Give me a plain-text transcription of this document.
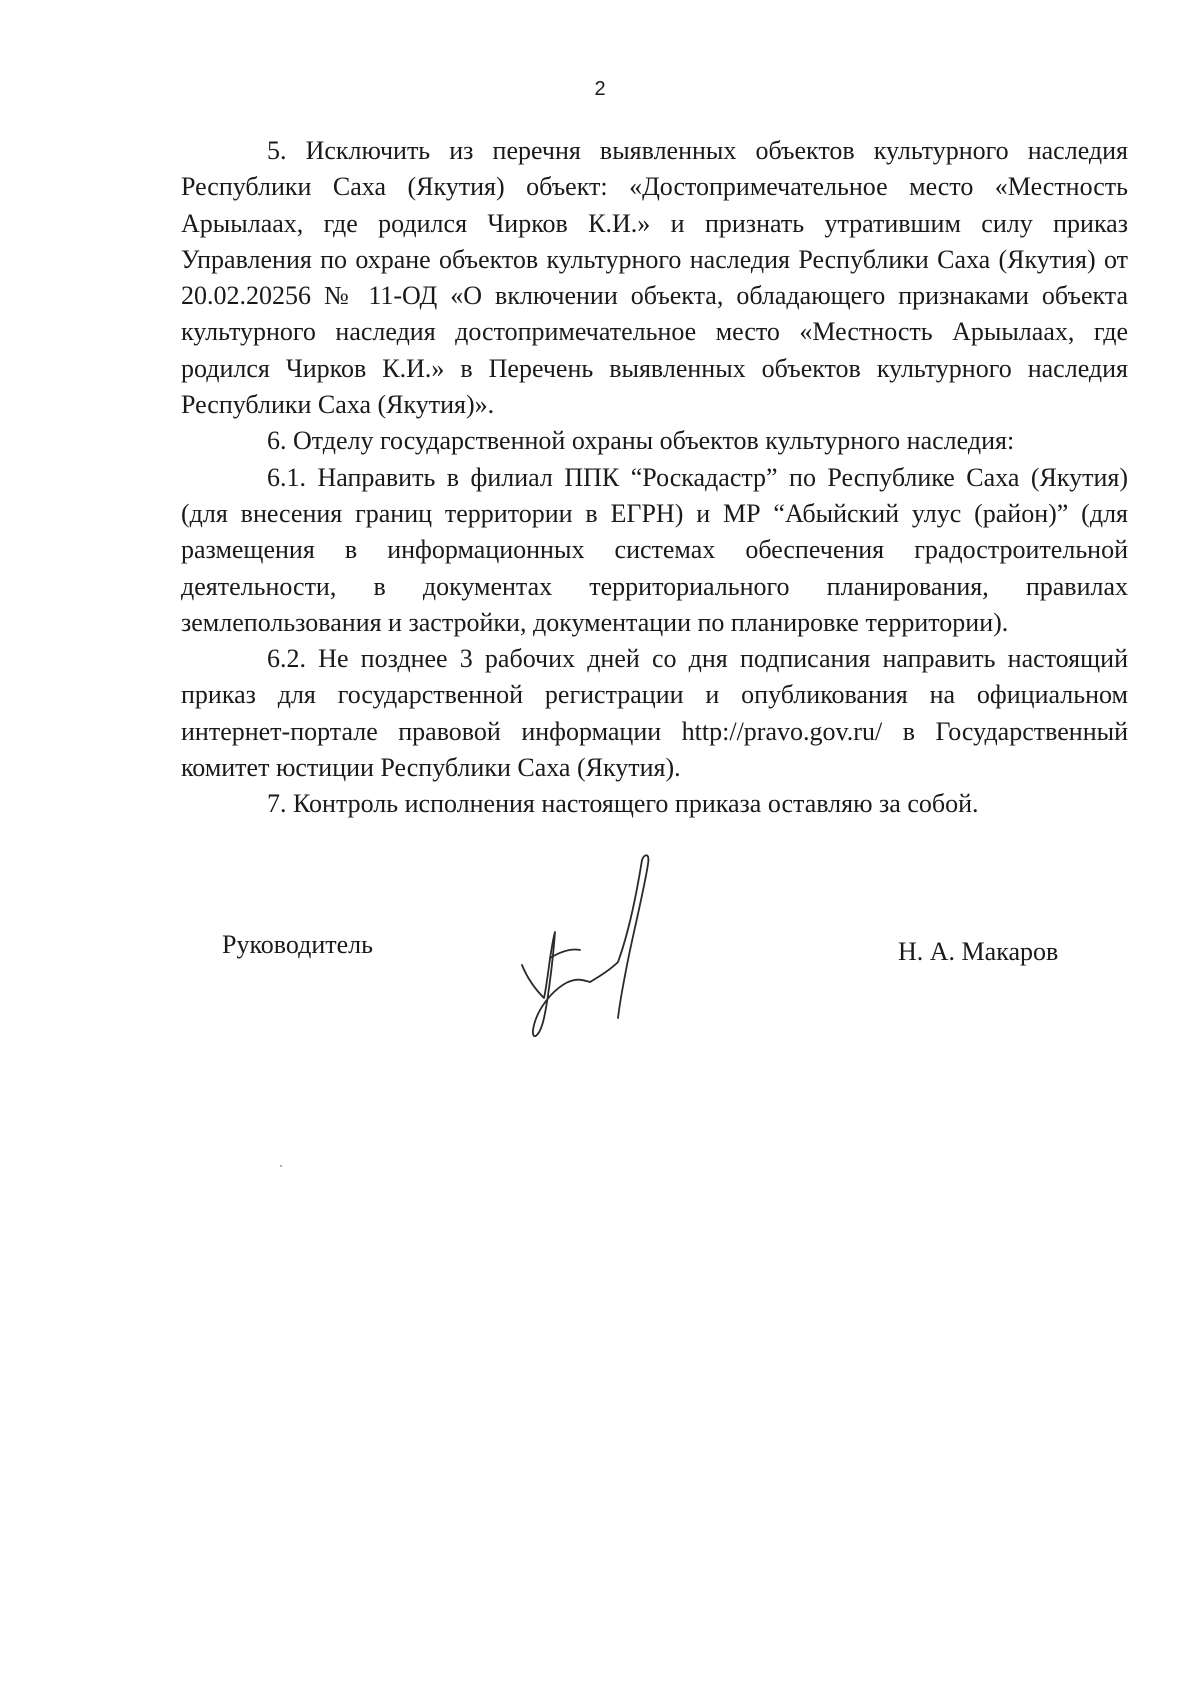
2

5. Исключить из перечня выявленных объектов культурного наследия Республики Саха (Якутия) объект: «Достопримечательное место «Местность Арыылаах, где родился Чирков К.И.» и признать утратившим силу приказ Управления по охране объектов культурного наследия Республики Саха (Якутия) от 20.02.20256 № 11-ОД «О включении объекта, обладающего признаками объекта культурного наследия достопримечательное место «Местность Арыылаах, где родился Чирков К.И.» в Перечень выявленных объектов культурного наследия Республики Саха (Якутия)».

6. Отделу государственной охраны объектов культурного наследия:

6.1. Направить в филиал ППК “Роскадастр” по Республике Саха (Якутия) (для внесения границ территории в ЕГРН) и МР “Абыйский улус (район)” (для размещения в информационных системах обеспечения градостроительной деятельности, в документах территориального планирования, правилах землепользования и застройки, документации по планировке территории).

6.2. Не позднее 3 рабочих дней со дня подписания направить настоящий приказ для государственной регистрации и опубликования на официальном интернет-портале правовой информации http://pravo.gov.ru/ в Государственный комитет юстиции Республики Саха (Якутия).

7. Контроль исполнения настоящего приказа оставляю за собой.

Руководитель	Н. А. Макаров
